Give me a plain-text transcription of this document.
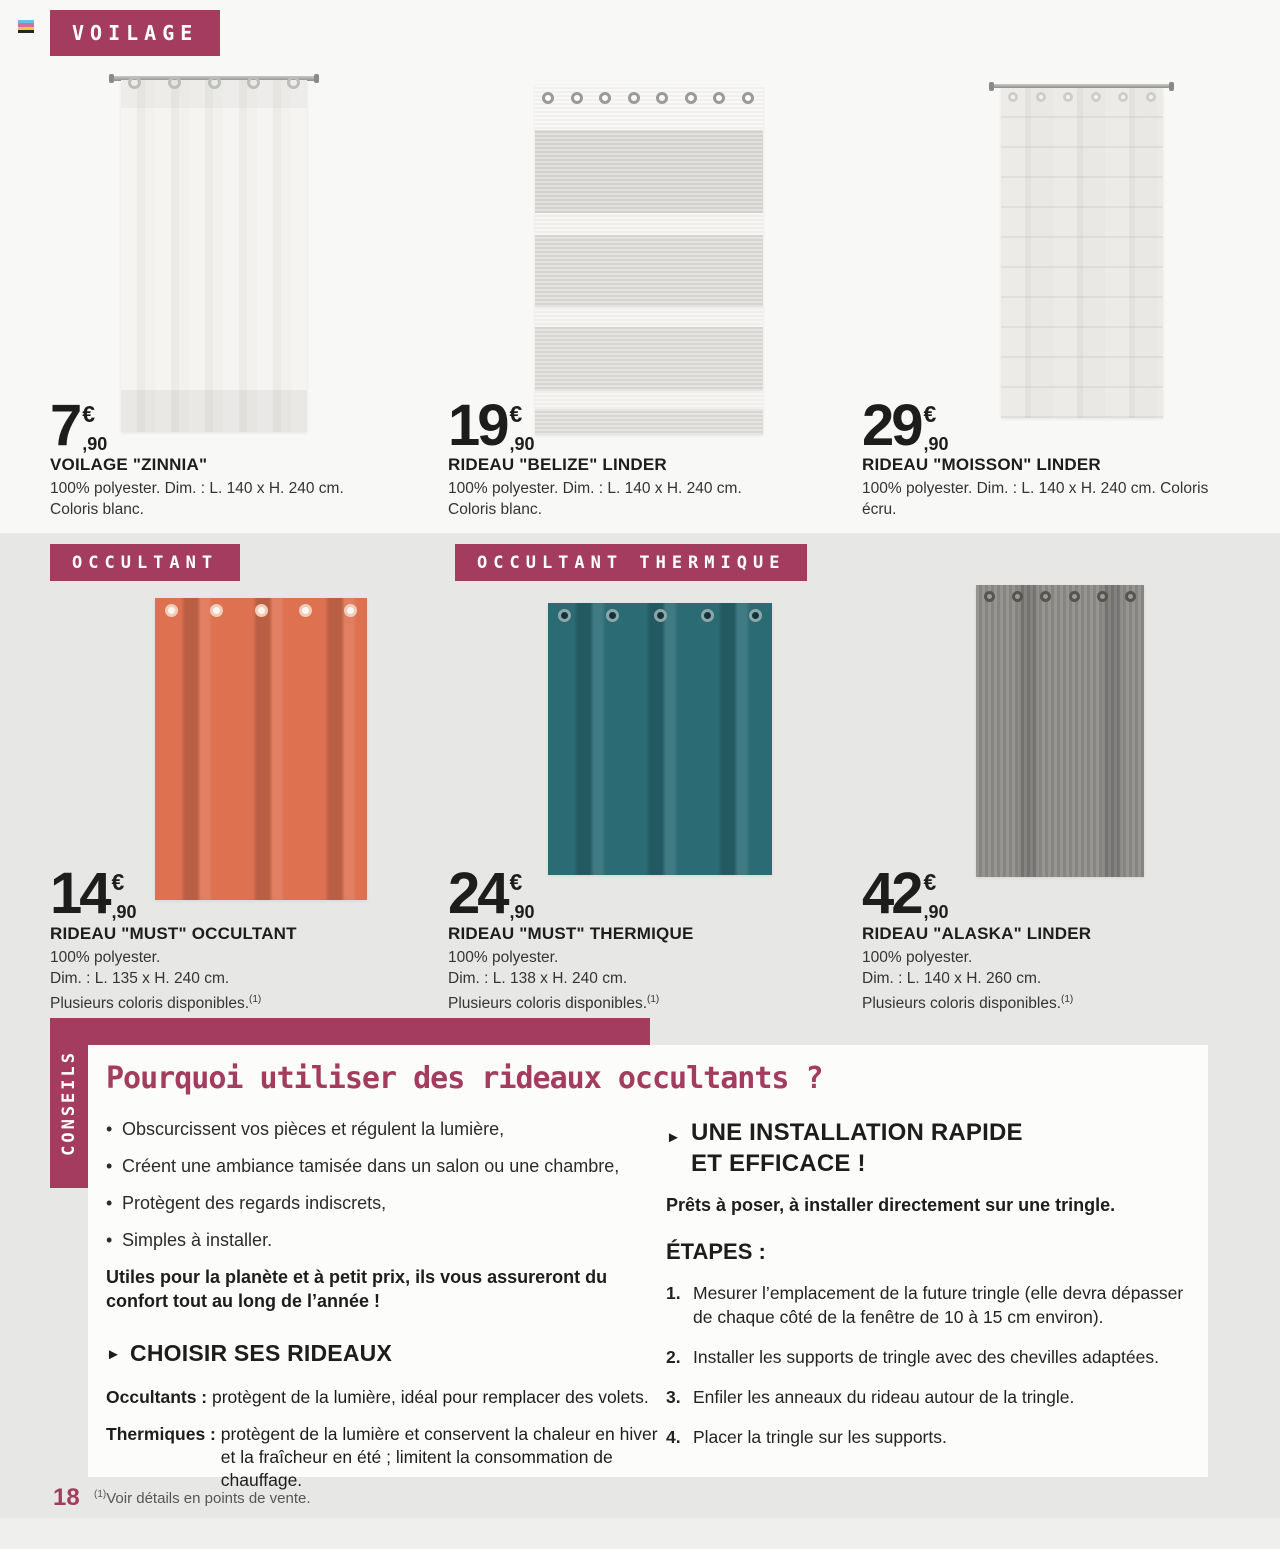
VOILAGE
7 €
,90
VOILAGE "ZINNIA"
100% polyester. Dim. : L. 140 x H. 240 cm.
Coloris blanc.
19 €
,90
RIDEAU "BELIZE" LINDER
100% polyester. Dim. : L. 140 x H. 240 cm.
Coloris blanc.
29 €
,90
RIDEAU "MOISSON" LINDER
100% polyester. Dim. : L. 140 x H. 240 cm. Coloris
écru.
OCCULTANT	OCCULTANT THERMIQUE
14 €
,90
RIDEAU "MUST" OCCULTANT
100% polyester.
Dim. : L. 135 x H. 240 cm.
Plusieurs coloris disponibles.$^{(1)}$
24 €
,90
RIDEAU "MUST" THERMIQUE
100% polyester.
Dim. : L. 138 x H. 240 cm.
Plusieurs coloris disponibles.$^{(1)}$
42 €
,90
RIDEAU "ALASKA" LINDER
100% polyester.
Dim. : L. 140 x H. 260 cm.
Plusieurs coloris disponibles.$^{(1)}$
CONSEILS Pourquoi utiliser des rideaux occultants ?
• Obscurcissent vos pièces et régulent la lumière,
• Créent une ambiance tamisée dans un salon ou une chambre,
• Protègent des regards indiscrets,
• Simples à installer.
Utiles pour la planète et à petit prix, ils vous assureront du confort tout au long de l’année !
► CHOISIR SES RIDEAUX
Occultants : protègent de la lumière, idéal pour remplacer des volets.
Thermiques : protègent de la lumière et conservent la chaleur en hiver et la fraîcheur en été ; limitent la consommation de chauffage.
► UNE INSTALLATION RAPIDE
ET EFFICACE !
Prêts à poser, à installer directement sur une tringle.
ÉTAPES :
1. Mesurer l’emplacement de la future tringle (elle devra dépasser de chaque côté de la fenêtre de 10 à 15 cm environ).
2. Installer les supports de tringle avec des chevilles adaptées.
3. Enfiler les anneaux du rideau autour de la tringle.
4. Placer la tringle sur les supports.
18 $^{(1)}$Voir détails en points de vente.
